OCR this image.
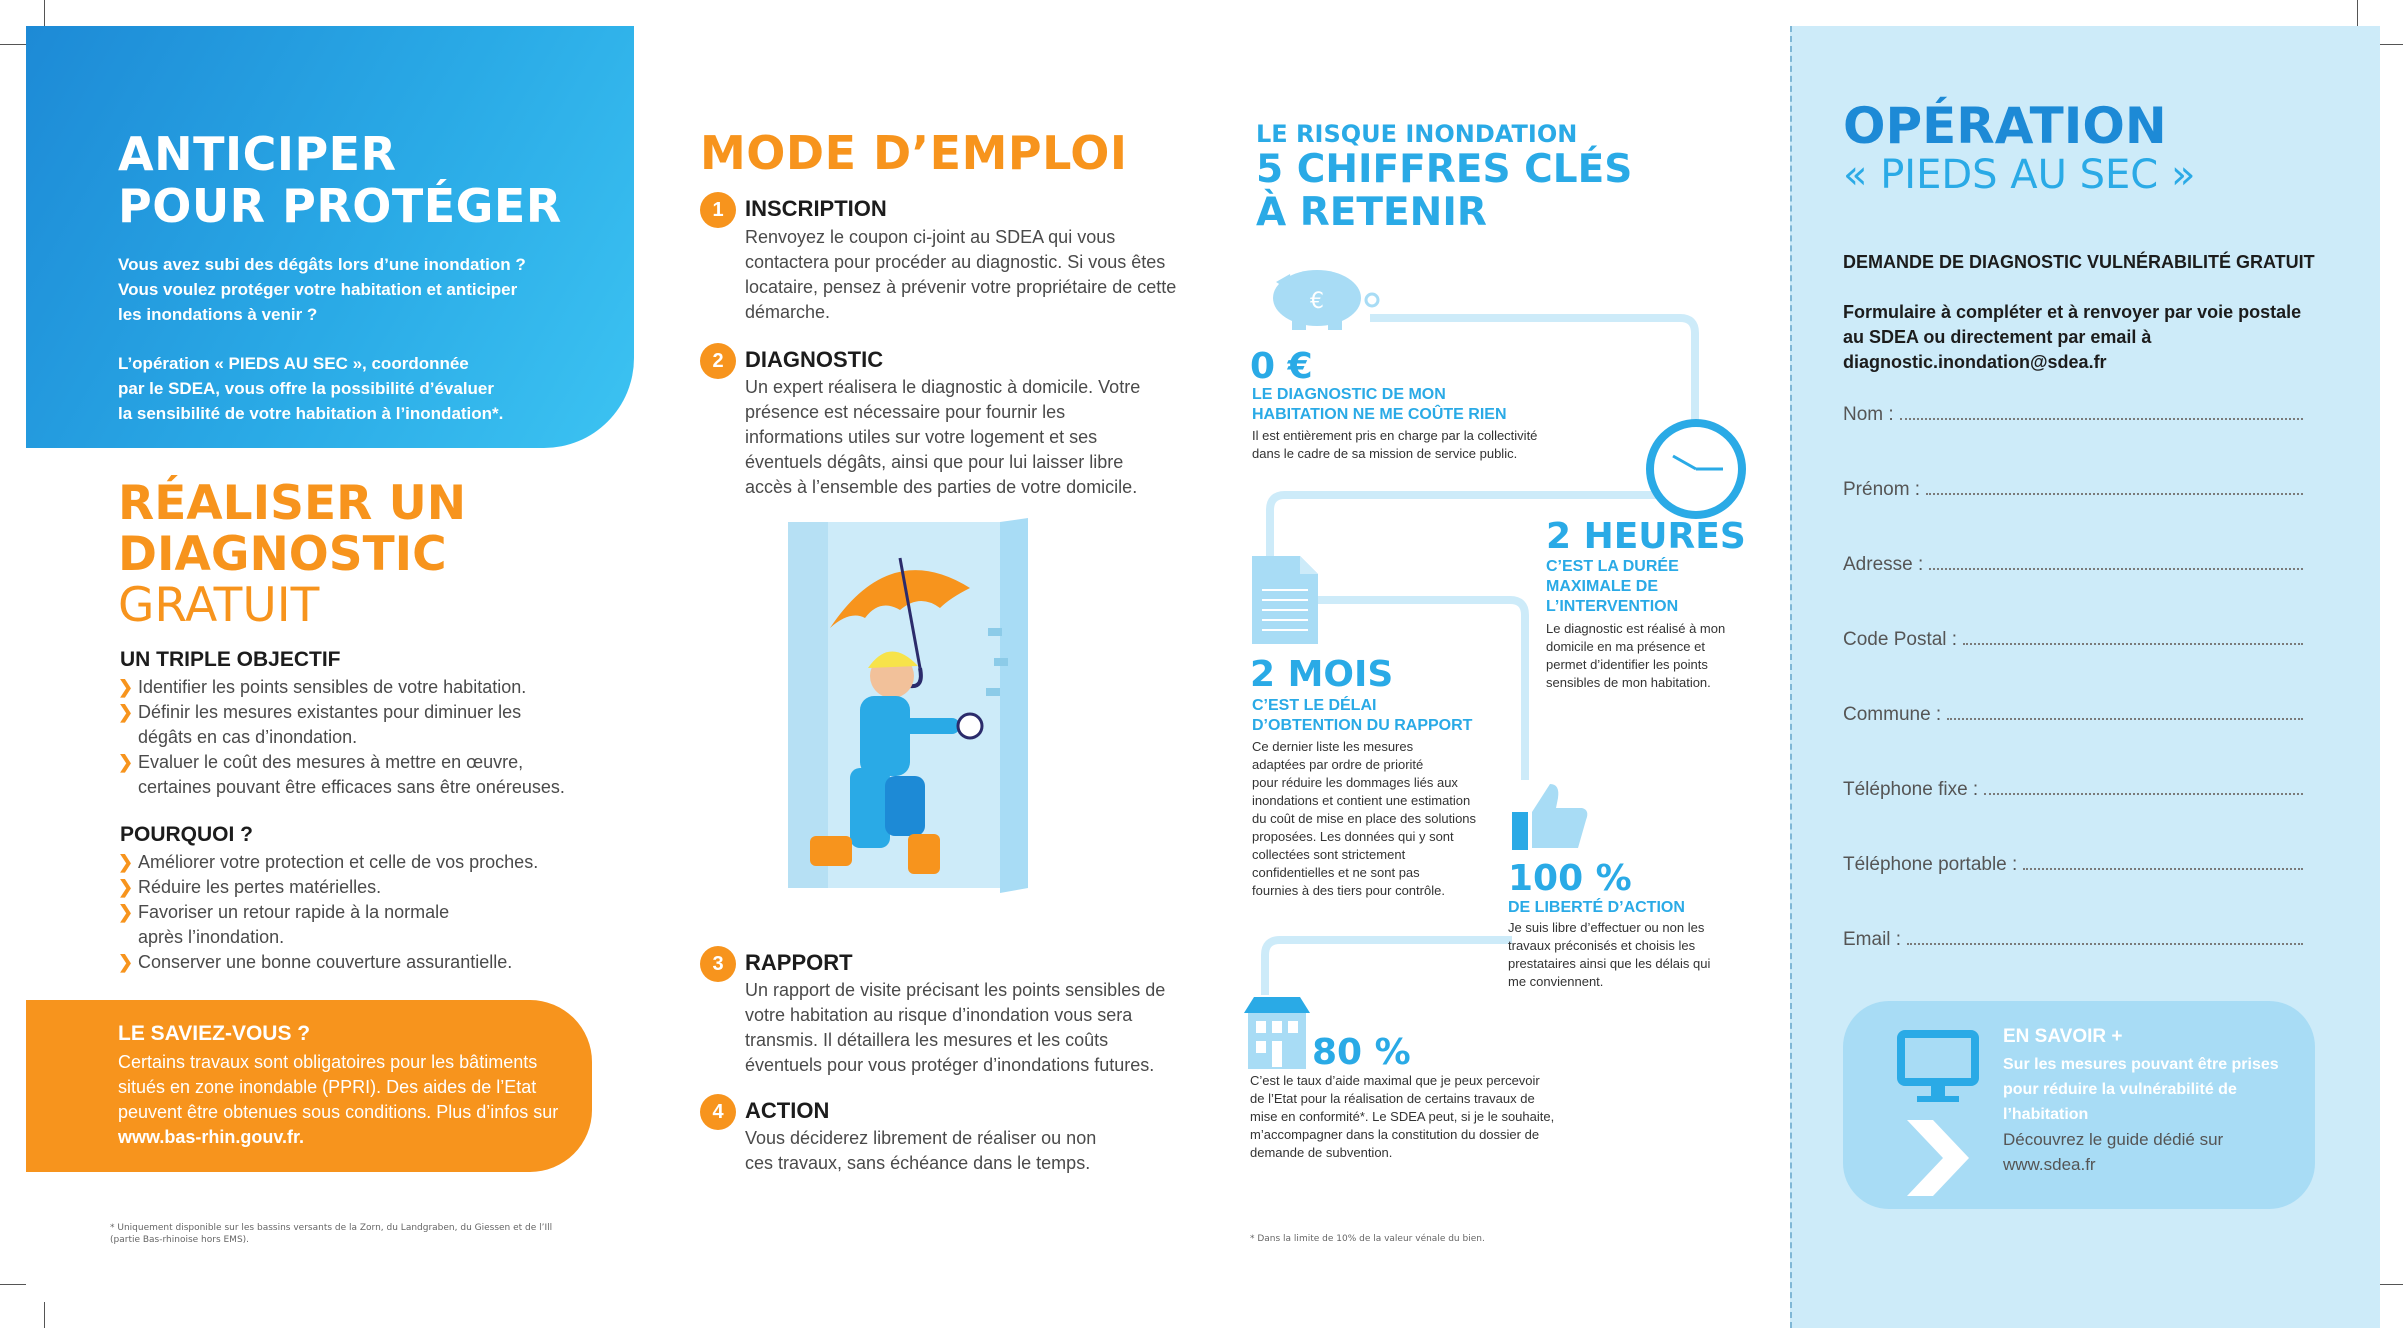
ANTICIPER
POUR PROTÉGER
Vous avez subi des dégâts lors d’une inondation ?
Vous voulez protéger votre habitation et anticiper
les inondations à venir ?
L’opération « PIEDS AU SEC », coordonnée
par le SDEA, vous offre la possibilité d’évaluer
la sensibilité de votre habitation à l’inondation*.
RÉALISER UN
DIAGNOSTIC
GRATUIT
UN TRIPLE OBJECTIF
❯ Identifier les points sensibles de votre habitation.
❯ Définir les mesures existantes pour diminuer les
dégâts en cas d’inondation.
❯ Evaluer le coût des mesures à mettre en œuvre,
certaines pouvant être efficaces sans être onéreuses.
POURQUOI ?
❯ Améliorer votre protection et celle de vos proches.
❯ Réduire les pertes matérielles.
❯ Favoriser un retour rapide à la normale
après l’inondation.
❯ Conserver une bonne couverture assurantielle.
LE SAVIEZ-VOUS ?
Certains travaux sont obligatoires pour les bâtiments situés en zone inondable (PPRI). Des aides de l’Etat peuvent être obtenues sous conditions. Plus d’infos sur www.bas-rhin.gouv.fr.
* Uniquement disponible sur les bassins versants de la Zorn, du Landgraben, du Giessen et de l’Ill (partie Bas-rhinoise hors EMS).
MODE D’EMPLOI
1 INSCRIPTION
Renvoyez le coupon ci-joint au SDEA qui vous contactera pour procéder au diagnostic. Si vous êtes locataire, pensez à prévenir votre propriétaire de cette démarche.
2 DIAGNOSTIC
Un expert réalisera le diagnostic à domicile. Votre présence est nécessaire pour fournir les informations utiles sur votre logement et ses éventuels dégâts, ainsi que pour lui laisser libre accès à l’ensemble des parties de votre domicile.
3 RAPPORT
Un rapport de visite précisant les points sensibles de votre habitation au risque d’inondation vous sera transmis. Il détaillera les mesures et les coûts éventuels pour vous protéger d’inondations futures.
4 ACTION
Vous déciderez librement de réaliser ou non ces travaux, sans échéance dans le temps.
LE RISQUE INONDATION
5 CHIFFRES CLÉS
À RETENIR
€
0 €
LE DIAGNOSTIC DE MON
HABITATION NE ME COÛTE RIEN
Il est entièrement pris en charge par la collectivité
dans le cadre de sa mission de service public.
2 HEURES
C’EST LA DURÉE
MAXIMALE DE
L’INTERVENTION
Le diagnostic est réalisé à mon
domicile en ma présence et
permet d’identifier les points
sensibles de mon habitation.
2 MOIS
C’EST LE DÉLAI
D’OBTENTION DU RAPPORT
Ce dernier liste les mesures
adaptées par ordre de priorité
pour réduire les dommages liés aux
inondations et contient une estimation
du coût de mise en place des solutions
proposées. Les données qui y sont
collectées sont strictement
confidentielles et ne sont pas
fournies à des tiers pour contrôle.	100 %
DE LIBERTÉ D’ACTION
Je suis libre d’effectuer ou non les
travaux préconisés et choisis les
prestataires ainsi que les délais qui
me conviennent.
80 %
C’est le taux d’aide maximal que je peux percevoir
de l’Etat pour la réalisation de certains travaux de
mise en conformité*. Le SDEA peut, si je le souhaite,
m’accompagner dans la constitution du dossier de
demande de subvention.
* Dans la limite de 10% de la valeur vénale du bien.
OPÉRATION
« PIEDS AU SEC »
DEMANDE DE DIAGNOSTIC VULNÉRABILITÉ GRATUIT
Formulaire à compléter et à renvoyer par voie postale au SDEA ou directement par email à diagnostic.inondation@sdea.fr
Nom :
Prénom :
Adresse :
Code Postal :
Commune :
Téléphone fixe :
Téléphone portable :
Email :
EN SAVOIR +
Sur les mesures pouvant être prises pour réduire la vulnérabilité de l’habitation
Découvrez le guide dédié sur www.sdea.fr
